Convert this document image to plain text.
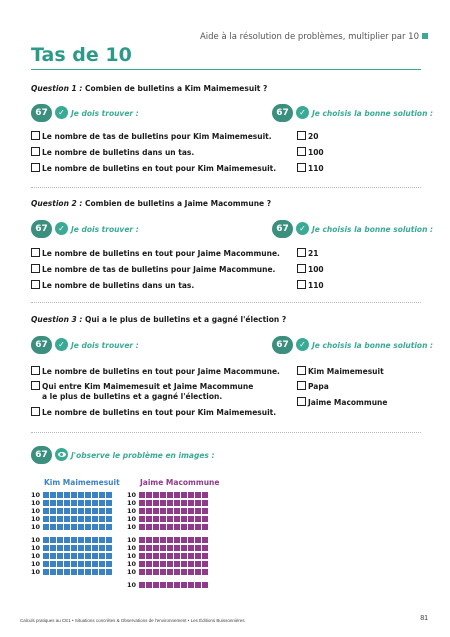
Aide à la résolution de problèmes, multiplier par 10
Tas de 10
Question 1 : Combien de bulletins a Kim Maimemesuit ?
67	✓ Je dois trouver :	67	✓ Je choisis la bonne solution :
Le nombre de tas de bulletins pour Kim Maimemesuit.
Le nombre de bulletins dans un tas.
Le nombre de bulletins en tout pour Kim Maimemesuit.
20
100
110
Question 2 : Combien de bulletins a Jaime Macommune ?
67	✓ Je dois trouver :	67	✓ Je choisis la bonne solution :
Le nombre de bulletins en tout pour Jaime Macommune.
Le nombre de tas de bulletins pour Jaime Macommune.
Le nombre de bulletins dans un tas.
21
100
110
Question 3 : Qui a le plus de bulletins et a gagné l'élection ?
67	✓ Je dois trouver :	67	✓ Je choisis la bonne solution :
Le nombre de bulletins en tout pour Jaime Macommune.
Qui entre Kim Maimemesuit et Jaime Macommune
a le plus de bulletins et a gagné l'élection.
Le nombre de bulletins en tout pour Kim Maimemesuit.
Kim Maimemesuit
Papa
Jaime Macommune
67	J'observe le problème en images :
Kim Maimemesuit	Jaime Macommune
10
10
10
10
10
10
10
10
10
10
10
10
10
10
10
10
10
10
10
10
10
Calculs pratiques au CE1 • Situations concrètes & Observations de l'environnement • Les Éditions Buissonnières	81
